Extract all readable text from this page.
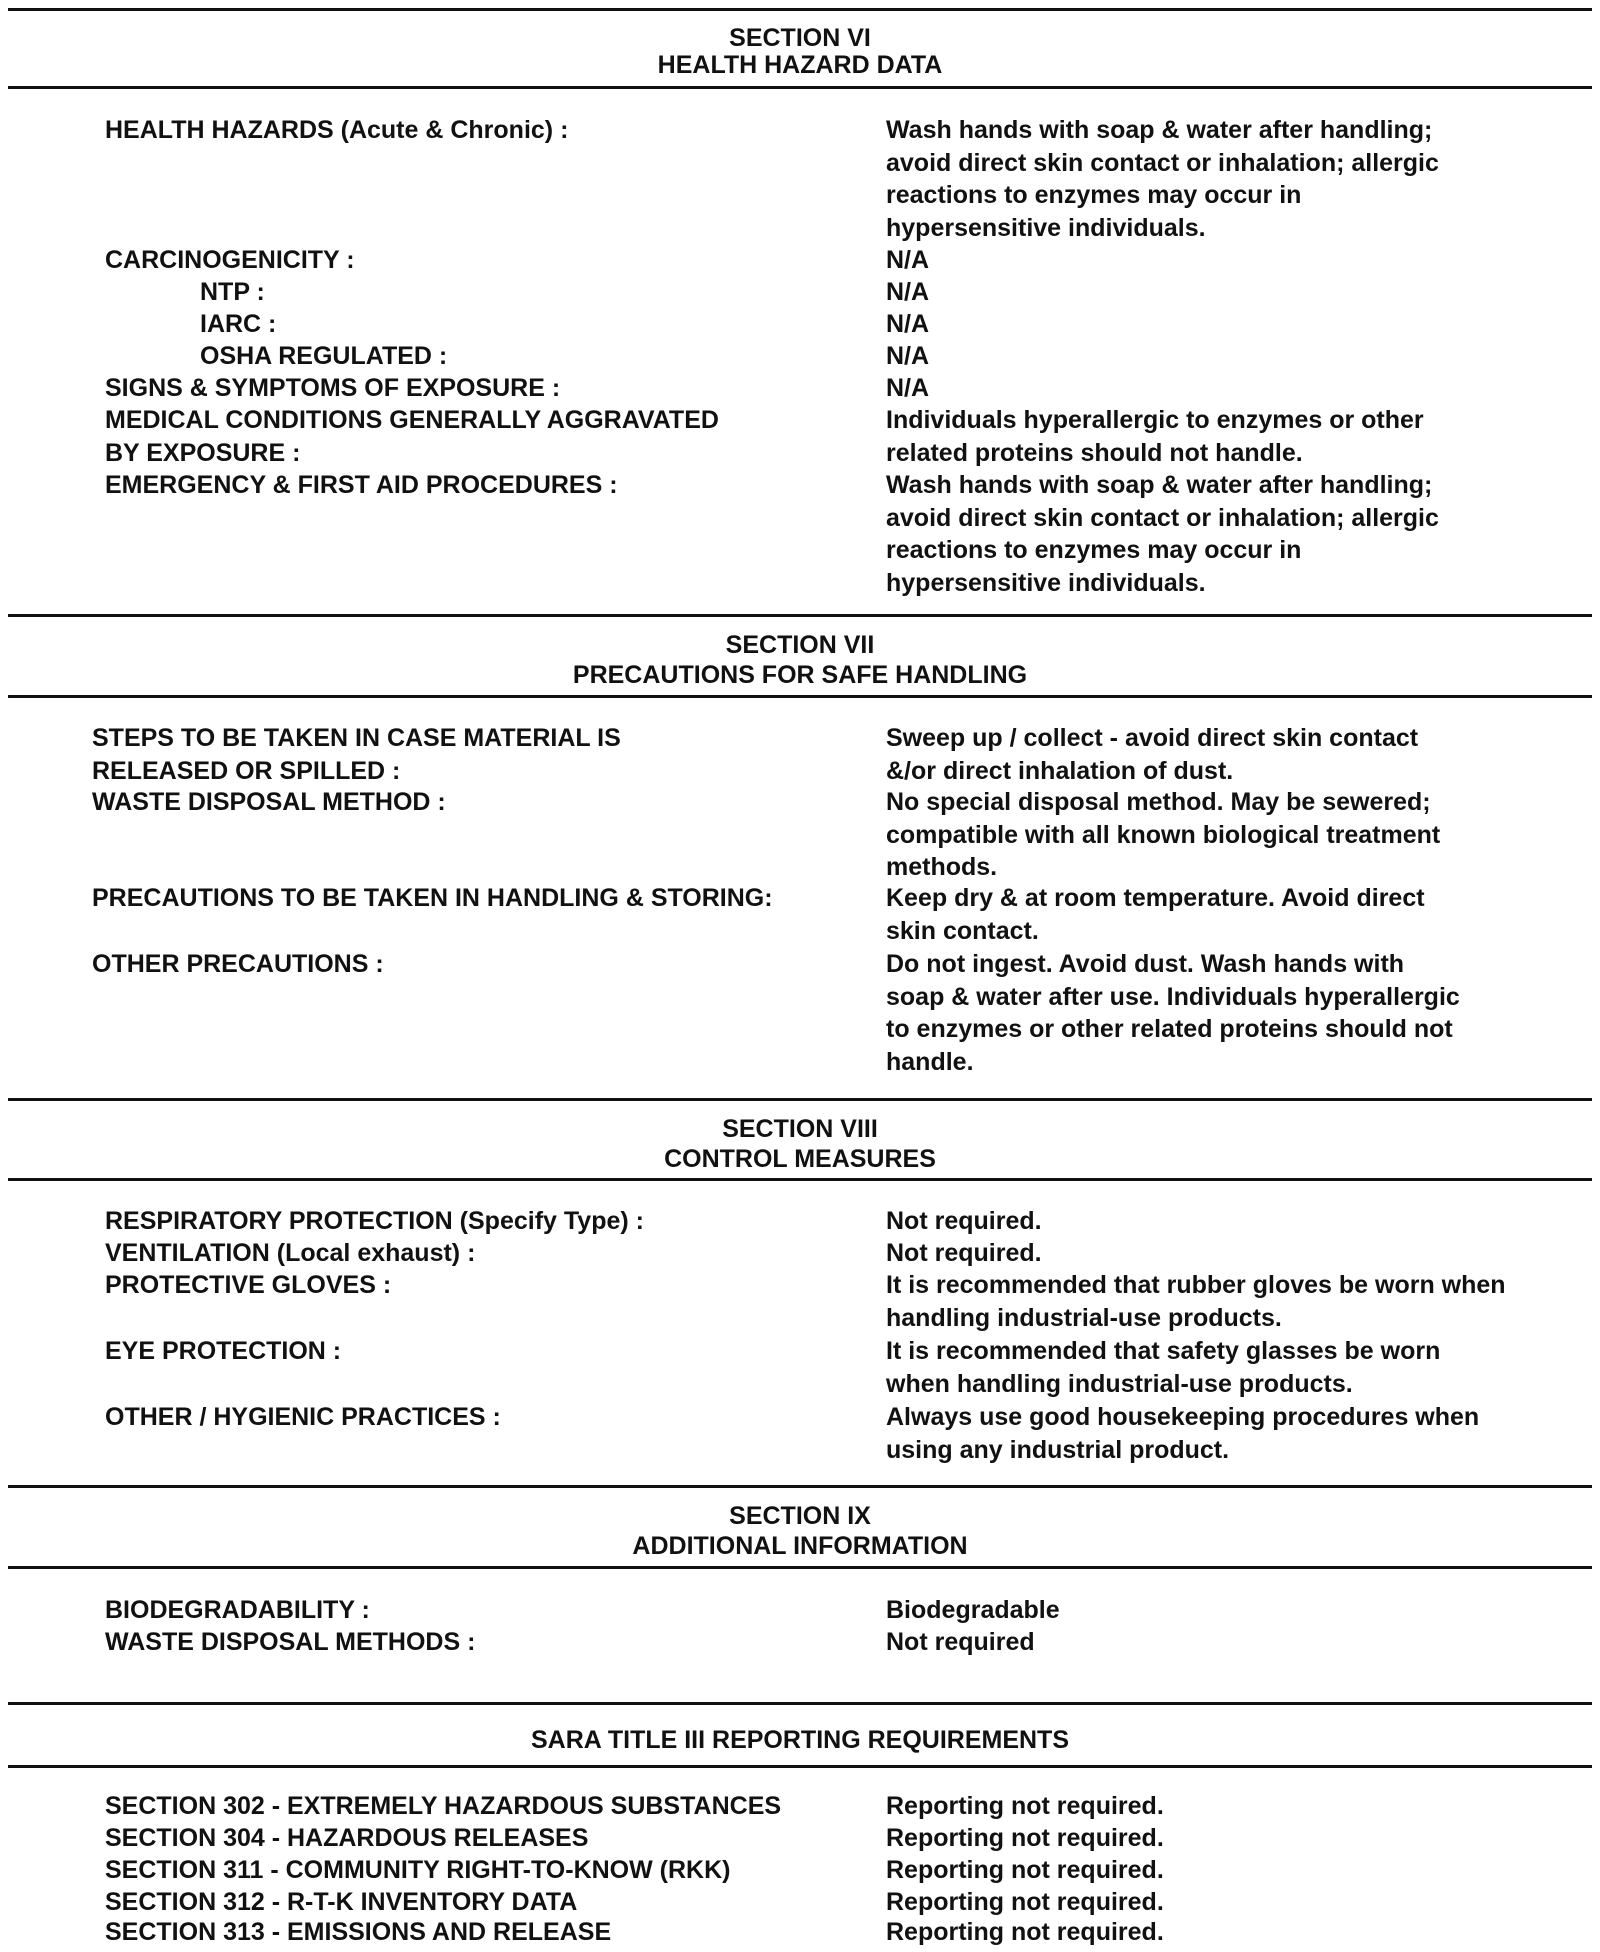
SECTION VI
HEALTH HAZARD DATA
HEALTH HAZARDS (Acute & Chronic) :	Wash hands with soap & water after handling;
avoid direct skin contact or inhalation; allergic
reactions to enzymes may occur in
hypersensitive individuals.
CARCINOGENICITY :	N/A
NTP :	N/A
IARC :	N/A
OSHA REGULATED :	N/A
SIGNS & SYMPTOMS OF EXPOSURE :	N/A
MEDICAL CONDITIONS GENERALLY AGGRAVATED
BY EXPOSURE :
Individuals hyperallergic to enzymes or other
related proteins should not handle.
EMERGENCY & FIRST AID PROCEDURES :	Wash hands with soap & water after handling;
avoid direct skin contact or inhalation; allergic
reactions to enzymes may occur in
hypersensitive individuals.
SECTION VII
PRECAUTIONS FOR SAFE HANDLING
STEPS TO BE TAKEN IN CASE MATERIAL IS
RELEASED OR SPILLED :
Sweep up / collect - avoid direct skin contact
&/or direct inhalation of dust.
WASTE DISPOSAL METHOD :	No special disposal method. May be sewered;
compatible with all known biological treatment
methods.
PRECAUTIONS TO BE TAKEN IN HANDLING & STORING:	Keep dry & at room temperature. Avoid direct
skin contact.
OTHER PRECAUTIONS :	Do not ingest. Avoid dust. Wash hands with
soap & water after use. Individuals hyperallergic
to enzymes or other related proteins should not
handle.
SECTION VIII
CONTROL MEASURES
RESPIRATORY PROTECTION (Specify Type) :	Not required.
VENTILATION (Local exhaust) :	Not required.
PROTECTIVE GLOVES :	It is recommended that rubber gloves be worn when
handling industrial-use products.
EYE PROTECTION :	It is recommended that safety glasses be worn
when handling industrial-use products.
OTHER / HYGIENIC PRACTICES :	Always use good housekeeping procedures when
using any industrial product.
SECTION IX
ADDITIONAL INFORMATION
BIODEGRADABILITY :	Biodegradable
WASTE DISPOSAL METHODS :	Not required
SARA TITLE III REPORTING REQUIREMENTS
SECTION 302 - EXTREMELY HAZARDOUS SUBSTANCES	Reporting not required.
SECTION 304 - HAZARDOUS RELEASES	Reporting not required.
SECTION 311 - COMMUNITY RIGHT-TO-KNOW (RKK)	Reporting not required.
SECTION 312 - R-T-K INVENTORY DATA	Reporting not required.
SECTION 313 - EMISSIONS AND RELEASE	Reporting not required.
